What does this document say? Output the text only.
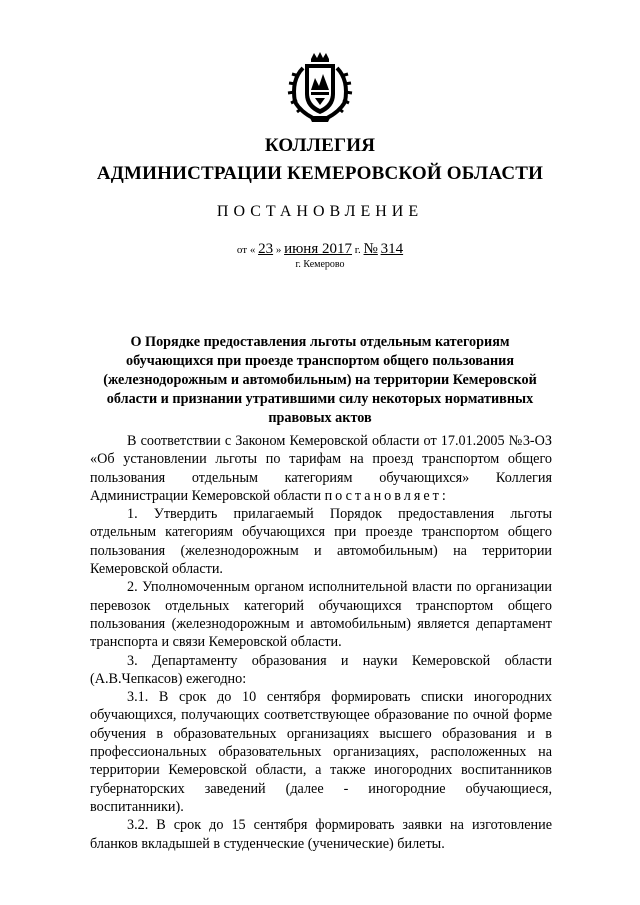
КОЛЛЕГИЯ
АДМИНИСТРАЦИИ КЕМЕРОВСКОЙ ОБЛАСТИ
ПОСТАНОВЛЕНИЕ
от « 23 » июня 2017 г. № 314
г. Кемерово
О Порядке предоставления льготы отдельным категориям обучающихся при проезде транспортом общего пользования (железнодорожным и автомобильным) на территории Кемеровской области и признании утратившими силу некоторых нормативных правовых актов

В соответствии с Законом Кемеровской области от 17.01.2005 №3-ОЗ «Об установлении льготы по тарифам на проезд транспортом общего пользования отдельным категориям обучающихся» Коллегия Администрации Кемеровской области постановляет:

1. Утвердить прилагаемый Порядок предоставления льготы отдельным категориям обучающихся при проезде транспортом общего пользования (железнодорожным и автомобильным) на территории Кемеровской области.

2. Уполномоченным органом исполнительной власти по организации перевозок отдельных категорий обучающихся транспортом общего пользования (железнодорожным и автомобильным) является департамент транспорта и связи Кемеровской области.

3. Департаменту образования и науки Кемеровской области (А.В.Чепкасов) ежегодно:

3.1. В срок до 10 сентября формировать списки иногородних обучающихся, получающих соответствующее образование по очной форме обучения в образовательных организациях высшего образования и в профессиональных образовательных организациях, расположенных на территории Кемеровской области, а также иногородних воспитанников губернаторских заведений (далее - иногородние обучающиеся, воспитанники).

3.2. В срок до 15 сентября формировать заявки на изготовление бланков вкладышей в студенческие (ученические) билеты.
